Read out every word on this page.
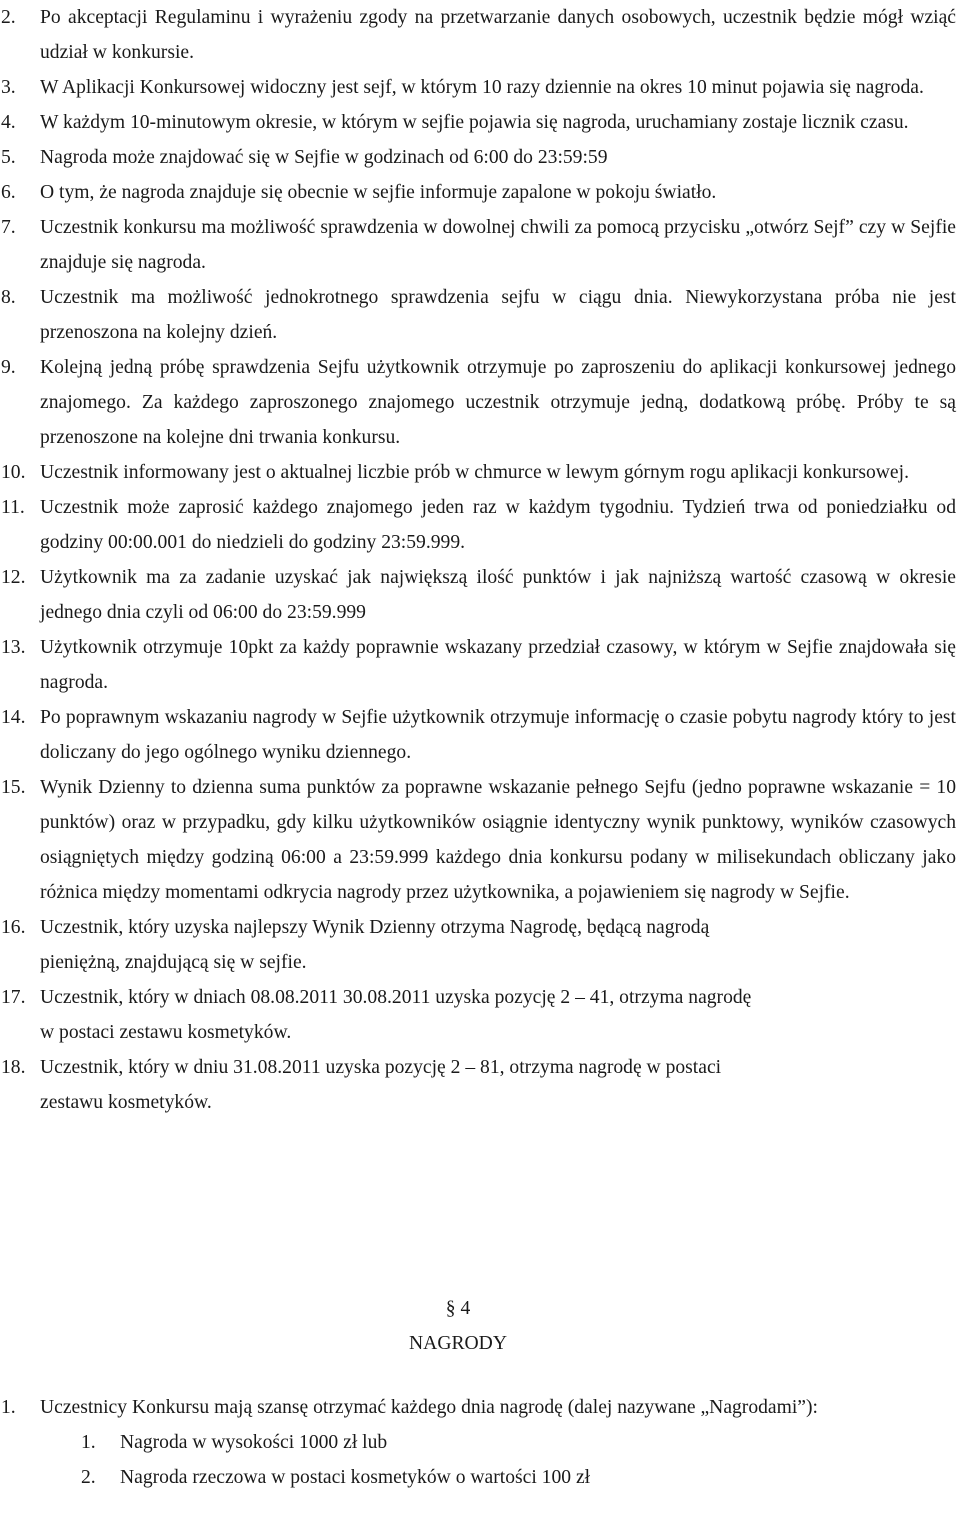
2.	Po akceptacji Regulaminu i wyrażeniu zgody na przetwarzanie danych osobowych, uczestnik będzie mógł wziąć udział w konkursie.
3.	W Aplikacji Konkursowej widoczny jest sejf, w którym 10 razy dziennie na okres 10 minut pojawia się nagroda.
4.	W każdym 10-minutowym okresie, w którym w sejfie pojawia się nagroda, uruchamiany zostaje licznik czasu.
5.	Nagroda może znajdować się w Sejfie w godzinach od 6:00 do 23:59:59
6.	O tym, że nagroda znajduje się obecnie w sejfie informuje zapalone w pokoju światło.
7.	Uczestnik konkursu ma możliwość sprawdzenia w dowolnej chwili za pomocą przycisku „otwórz Sejf” czy w Sejfie znajduje się nagroda.
8.	Uczestnik ma możliwość jednokrotnego sprawdzenia sejfu w ciągu dnia. Niewykorzystana próba nie jest przenoszona na kolejny dzień.
9.	Kolejną jedną próbę sprawdzenia Sejfu użytkownik otrzymuje po zaproszeniu do aplikacji konkursowej jednego znajomego. Za każdego zaproszonego znajomego uczestnik otrzymuje jedną, dodatkową próbę. Próby te są przenoszone na kolejne dni trwania konkursu.
10. Uczestnik informowany jest o aktualnej liczbie prób w chmurce w lewym górnym rogu aplikacji konkursowej.
11. Uczestnik może zaprosić każdego znajomego jeden raz w każdym tygodniu. Tydzień trwa od poniedziałku od godziny 00:00.001 do niedzieli do godziny 23:59.999.
12. Użytkownik ma za zadanie uzyskać jak największą ilość punktów i jak najniższą wartość czasową w okresie jednego dnia czyli od 06:00 do 23:59.999
13. Użytkownik otrzymuje 10pkt za każdy poprawnie wskazany przedział czasowy, w którym w Sejfie znajdowała się nagroda.
14. Po poprawnym wskazaniu nagrody w Sejfie użytkownik otrzymuje informację o czasie pobytu nagrody który to jest doliczany do jego ogólnego wyniku dziennego.
15. Wynik Dzienny to dzienna suma punktów za poprawne wskazanie pełnego Sejfu (jedno poprawne wskazanie = 10 punktów) oraz w przypadku, gdy kilku użytkowników osiągnie identyczny wynik punktowy, wyników czasowych osiągniętych między godziną 06:00 a 23:59.999 każdego dnia konkursu podany w milisekundach obliczany jako różnica między momentami odkrycia nagrody przez użytkownika, a pojawieniem się nagrody w Sejfie.
16. Uczestnik, który uzyska najlepszy Wynik Dzienny otrzyma Nagrodę, będącą nagrodą
pieniężną, znajdującą się w sejfie.
17. Uczestnik, który w dniach 08.08.2011 30.08.2011 uzyska pozycję 2 – 41, otrzyma nagrodę
w postaci zestawu kosmetyków.
18. Uczestnik, który w dniu 31.08.2011 uzyska pozycję 2 – 81, otrzyma nagrodę w postaci
zestawu kosmetyków.
§ 4
NAGRODY
1.	Uczestnicy Konkursu mają szansę otrzymać każdego dnia nagrodę (dalej nazywane „Nagrodami”):
1.	Nagroda w wysokości 1000 zł lub
2.	Nagroda rzeczowa w postaci kosmetyków o wartości 100 zł
